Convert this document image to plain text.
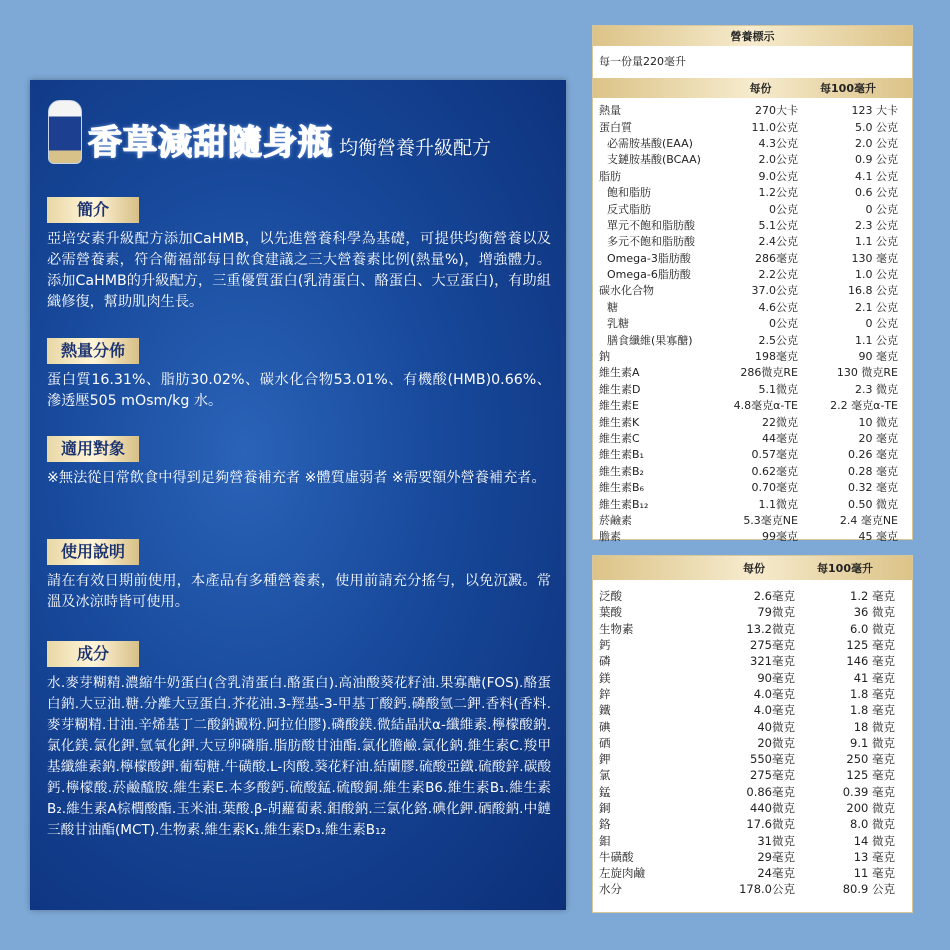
香草減甜隨身瓶 均衡營養升級配方
簡介
亞培安素升級配方添加CaHMB，以先進營養科學為基礎，可提供均衡營養以及必需營養素，符合衛福部每日飲食建議之三大營養素比例(熱量%)，增強體力。添加CaHMB的升級配方，三重優質蛋白(乳清蛋白、酪蛋白、大豆蛋白)，有助組織修復，幫助肌肉生長。
熱量分佈
蛋白質16.31%、脂肪30.02%、碳水化合物53.01%、有機酸(HMB)0.66%、滲透壓505 mOsm/kg 水。
適用對象
※無法從日常飲食中得到足夠營養補充者 ※體質虛弱者 ※需要額外營養補充者。
使用說明
請在有效日期前使用，本產品有多種營養素，使用前請充分搖勻，以免沉澱。常溫及冰涼時皆可使用。
成分
水.麥芽糊精.濃縮牛奶蛋白(含乳清蛋白.酪蛋白).高油酸葵花籽油.果寡醣(FOS).酪蛋白鈉.大豆油.糖.分離大豆蛋白.芥花油.3-羥基-3-甲基丁酸鈣.磷酸氫二鉀.香料(香料.麥芽糊精.甘油.辛烯基丁二酸鈉澱粉.阿拉伯膠).磷酸鎂.微結晶狀α-纖維素.檸檬酸鈉.氯化鎂.氯化鉀.氫氧化鉀.大豆卵磷脂.脂肪酸甘油酯.氯化膽鹼.氯化鈉.維生素C.羧甲基纖維素鈉.檸檬酸鉀.葡萄糖.牛磺酸.L-肉酸.葵花籽油.結蘭膠.硫酸亞鐵.硫酸鋅.碳酸鈣.檸檬酸.菸鹼醯胺.維生素E.本多酸鈣.硫酸錳.硫酸銅.維生素B6.維生素B₁.維生素B₂.維生素A棕櫚酸酯.玉米油.葉酸.β-胡蘿蔔素.鉬酸鈉.三氯化鉻.碘化鉀.硒酸鈉.中鏈三酸甘油酯(MCT).生物素.維生素K₁.維生素D₃.維生素B₁₂
營養標示
每一份量220毫升
每份	每100毫升
熱量	270大卡	123 大卡
蛋白質	11.0公克	5.0 公克
必需胺基酸(EAA)	4.3公克	2.0 公克
支鏈胺基酸(BCAA)	2.0公克	0.9 公克
脂肪	9.0公克	4.1 公克
飽和脂肪	1.2公克	0.6 公克
反式脂肪	0公克	0 公克
單元不飽和脂肪酸	5.1公克	2.3 公克
多元不飽和脂肪酸	2.4公克	1.1 公克
Omega-3脂肪酸	286毫克	130 毫克
Omega-6脂肪酸	2.2公克	1.0 公克
碳水化合物	37.0公克	16.8 公克
糖	4.6公克	2.1 公克
乳糖	0公克	0 公克
膳食纖維(果寡醣)	2.5公克	1.1 公克
鈉	198毫克	90 毫克
維生素A	286微克RE	130 微克RE
維生素D	5.1微克	2.3 微克
維生素E	4.8毫克α-TE	2.2 毫克α-TE
維生素K	22微克	10 微克
維生素C	44毫克	20 毫克
維生素B₁	0.57毫克	0.26 毫克
維生素B₂	0.62毫克	0.28 毫克
維生素B₆	0.70毫克	0.32 毫克
維生素B₁₂	1.1微克	0.50 微克
菸鹼素	5.3毫克NE	2.4 毫克NE
膽素	99毫克	45 毫克
每份	每100毫升
泛酸	2.6毫克	1.2 毫克
葉酸	79微克	36 微克
生物素	13.2微克	6.0 微克
鈣	275毫克	125 毫克
磷	321毫克	146 毫克
鎂	90毫克	41 毫克
鋅	4.0毫克	1.8 毫克
鐵	4.0毫克	1.8 毫克
碘	40微克	18 微克
硒	20微克	9.1 微克
鉀	550毫克	250 毫克
氯	275毫克	125 毫克
錳	0.86毫克	0.39 毫克
銅	440微克	200 微克
鉻	17.6微克	8.0 微克
鉬	31微克	14 微克
牛磺酸	29毫克	13 毫克
左旋肉鹼	24毫克	11 毫克
水分	178.0公克	80.9 公克
